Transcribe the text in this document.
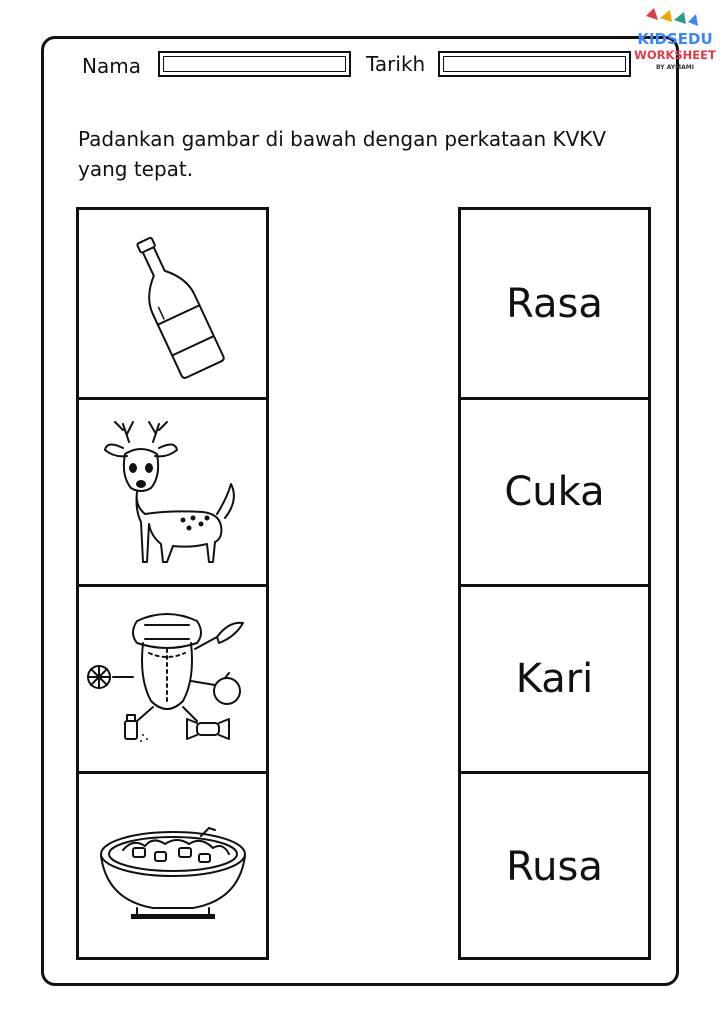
KIDSEDU
WORKSHEET
BY AYMAMI
Nama	Tarikh
Padankan gambar di bawah dengan perkataan KVKV yang tepat.
Rasa
Cuka
Kari
Rusa
